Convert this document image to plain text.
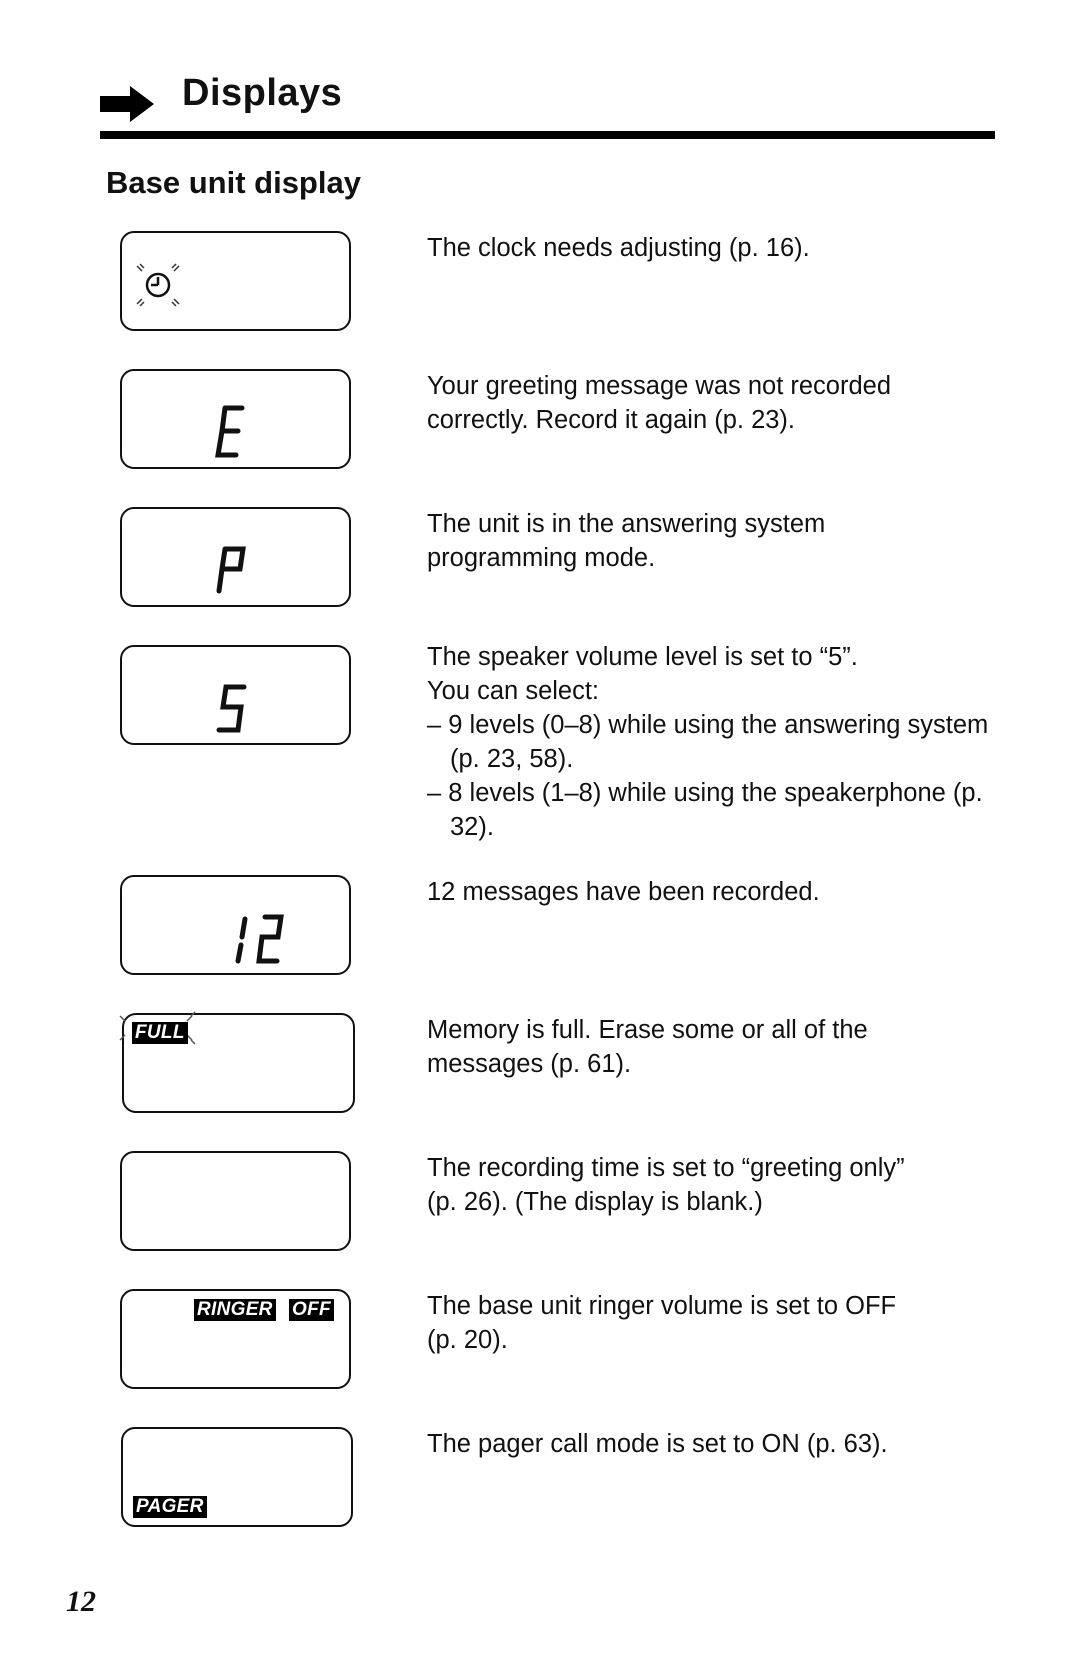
Displays
Base unit display

The clock needs adjusting (p. 16).

Your greeting message was not recorded

correctly. Record it again (p. 23).

The unit is in the answering system

programming mode.

The speaker volume level is set to “5”.

You can select:

– 9 levels (0–8) while using the answering system (p. 23, 58).

– 8 levels (1–8) while using the speakerphone (p. 32).

12 messages have been recorded.

FULL	Memory is full. Erase some or all of the

messages (p. 61).

The recording time is set to “greeting only”

(p. 26). (The display is blank.)

RINGER OFF	The base unit ringer volume is set to OFF

(p. 20).

PAGER

The pager call mode is set to ON (p. 63).

12
